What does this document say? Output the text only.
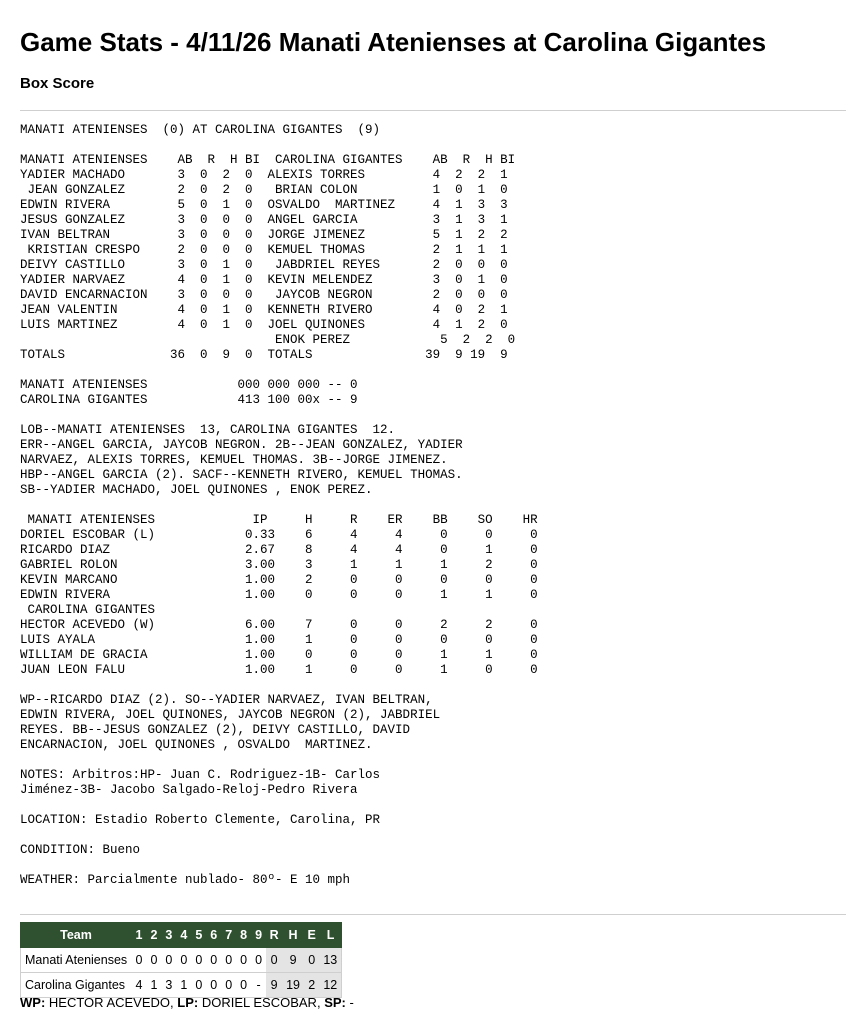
Game Stats - 4/11/26 Manati Atenienses at Carolina Gigantes
Box Score
MANATI ATENIENSES  (0) AT CAROLINA GIGANTES  (9)
MANATI ATENIENSES    AB  R  H BI  CAROLINA GIGANTES    AB  R  H BI
YADIER MACHADO       3  0  2  0  ALEXIS TORRES         4  2  2  1
JEAN GONZALEZ       2  0  2  0   BRIAN COLON          1  0  1  0
EDWIN RIVERA         5  0  1  0  OSVALDO  MARTINEZ     4  1  3  3
JESUS GONZALEZ       3  0  0  0  ANGEL GARCIA          3  1  3  1
IVAN BELTRAN         3  0  0  0  JORGE JIMENEZ         5  1  2  2
KRISTIAN CRESPO     2  0  0  0  KEMUEL THOMAS         2  1  1  1
DEIVY CASTILLO       3  0  1  0   JABDRIEL REYES       2  0  0  0
YADIER NARVAEZ       4  0  1  0  KEVIN MELENDEZ        3  0  1  0
DAVID ENCARNACION    3  0  0  0   JAYCOB NEGRON        2  0  0  0
JEAN VALENTIN        4  0  1  0  KENNETH RIVERO        4  0  2  1
LUIS MARTINEZ        4  0  1  0  JOEL QUINONES         4  1  2  0
ENOK PEREZ            5  2  2  0
TOTALS              36  0  9  0  TOTALS               39  9 19  9
MANATI ATENIENSES            000 000 000 -- 0
CAROLINA GIGANTES            413 100 00x -- 9
LOB--MANATI ATENIENSES  13, CAROLINA GIGANTES  12.
ERR--ANGEL GARCIA, JAYCOB NEGRON. 2B--JEAN GONZALEZ, YADIER
NARVAEZ, ALEXIS TORRES, KEMUEL THOMAS. 3B--JORGE JIMENEZ.
HBP--ANGEL GARCIA (2). SACF--KENNETH RIVERO, KEMUEL THOMAS.
SB--YADIER MACHADO, JOEL QUINONES , ENOK PEREZ.
MANATI ATENIENSES             IP     H     R    ER    BB    SO    HR
DORIEL ESCOBAR (L)            0.33    6     4     4     0     0     0
RICARDO DIAZ                  2.67    8     4     4     0     1     0
GABRIEL ROLON                 3.00    3     1     1     1     2     0
KEVIN MARCANO                 1.00    2     0     0     0     0     0
EDWIN RIVERA                  1.00    0     0     0     1     1     0
CAROLINA GIGANTES
HECTOR ACEVEDO (W)            6.00    7     0     0     2     2     0
LUIS AYALA                    1.00    1     0     0     0     0     0
WILLIAM DE GRACIA             1.00    0     0     0     1     1     0
JUAN LEON FALU                1.00    1     0     0     1     0     0
WP--RICARDO DIAZ (2). SO--YADIER NARVAEZ, IVAN BELTRAN,
EDWIN RIVERA, JOEL QUINONES, JAYCOB NEGRON (2), JABDRIEL
REYES. BB--JESUS GONZALEZ (2), DEIVY CASTILLO, DAVID
ENCARNACION, JOEL QUINONES , OSVALDO  MARTINEZ.
NOTES: Arbitros:HP- Juan C. Rodriguez-1B- Carlos
Jiménez-3B- Jacobo Salgado-Reloj-Pedro Rivera
LOCATION: Estadio Roberto Clemente, Carolina, PR
CONDITION: Bueno
WEATHER: Parcialmente nublado- 80º- E 10 mph
Team	1	2	3	4	5	6	7	8	9	R	H	E	L
Manati Atenienses	0	0	0	0	0	0	0	0	0	0	9	0	13
Carolina Gigantes	4	1	3	1	0	0	0	0	-	9	19	2	12

WP: HECTOR ACEVEDO, LP: DORIEL ESCOBAR, SP: -
